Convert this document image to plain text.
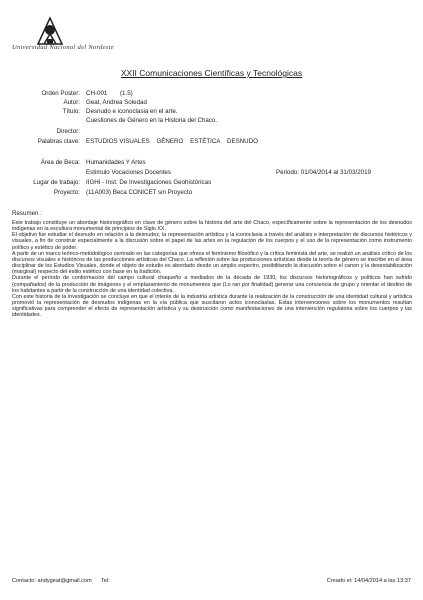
Universidad Nacional del Nordeste
XXII Comunicaciones Científicas y Tecnológicas
Orden Poster: CH-001 (1.5)
Autor: Geat, Andrea Soledad
Título: Desnudo e iconoclasia en el arte.
Cuestiones de Género en la Historia del Chaco.
Director:
Palabras clave: ESTUDIOS VISUALES    GÉNERO    ESTÉTICA    DESNUDO
Área de Beca: Humanidades Y Artes
Estimulo Vocaciones Docentes	Periodo: 01/04/2014 al 31/03/2019
Lugar de trabajo: IIGHI - Inst. De Investigaciones Geohistóricas
Proyecto: (11A003) Beca CONICET sin Proyecto
Resumen :

Este trabajo constituye un abordaje historiográfico en clave de género sobre la historia del arte del Chaco, específicamente sobre la representación de los desnudos indígenas en la escultura monumental de principios de Siglo XX.

El objetivo fue estudiar el desnudo en relación a la desnudez, la representación artística y la iconoclasia a través del análisis e interpretación de discursos históricos y visuales, a fin de construir especialmente a la discusión sobre el papel de las artes en la regulación de los cuerpos y el uso de la representación como instrumento político y estético de poder.

A partir de un marco teórico-metodológico centrado en las categorías que ofrece el feminismo filosófico y la crítica feminista del arte, se realizó un análisis crítico de los discursos visuales e históricos de las producciones artísticas del Chaco. La reflexión sobre las producciones artísticas desde la teoría de género se inscribe en el área disciplinar de los Estudios Visuales, donde el objeto de estudio es abordado desde un amplio espectro, posibilitando la discusión sobre el canon y la desestabilización (marginal) respecto del estilo estético con base en la tradición.

Durante el período de conformación del campo cultural chaqueño a mediados de la década de 1930, los discursos historiográficos y políticos han sufrido (compañados) de la producción de imágenes y el emplazamiento de monumentos que (Lo ran por finalidad) generar una conciencia de grupo y orientar el destino de los habitantes a partir de la construcción de una identidad colectiva.

Con este historia de la investigación se concluye en que el interés de la industria artística durante la realización de la construcción de una identidad cultural y artística promovió la representación de desnudos indígenas en la vía pública que suscitaron actos iconoclastas. Estas intervenciones sobre los monumentos resultan significativas para comprender el efecto de representación artística y su destrucción como manifestaciones de una intervención regulatoria sobre los cuerpos y las identidades.

Contacto: andygeat@gmail.com      Tel:	Creado el: 14/04/2014 a las 13:37
